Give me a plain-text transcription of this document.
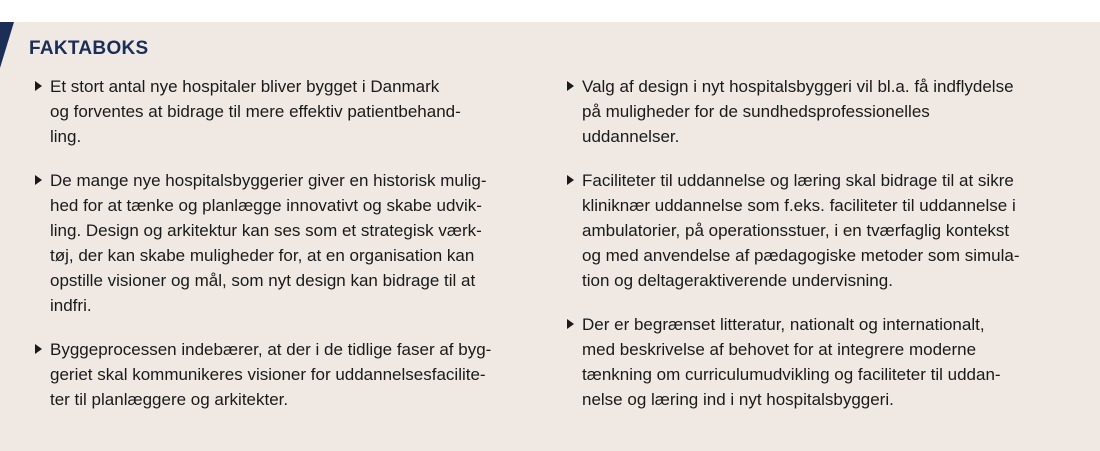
FAKTABOKS
Et stort antal nye hospitaler bliver bygget i Danmark
og forventes at bidrage til mere effektiv patientbehand-
ling.
De mange nye hospitalsbyggerier giver en historisk mulig-
hed for at tænke og planlægge innovativt og skabe udvik-
ling. Design og arkitektur kan ses som et strategisk værk-
tøj, der kan skabe muligheder for, at en organisation kan
opstille visioner og mål, som nyt design kan bidrage til at
indfri.
Byggeprocessen indebærer, at der i de tidlige faser af byg-
geriet skal kommunikeres visioner for uddannelsesfacilite-
ter til planlæggere og arkitekter.
Valg af design i nyt hospitalsbyggeri vil bl.a. få indflydelse
på muligheder for de sundhedsprofessionelles
uddannelser.
Faciliteter til uddannelse og læring skal bidrage til at sikre
kliniknær uddannelse som f.eks. faciliteter til uddannelse i
ambulatorier, på operationsstuer, i en tværfaglig kontekst
og med anvendelse af pædagogiske metoder som simula-
tion og deltageraktiverende undervisning.
Der er begrænset litteratur, nationalt og internationalt,
med beskrivelse af behovet for at integrere moderne
tænkning om curriculumudvikling og faciliteter til uddan-
nelse og læring ind i nyt hospitalsbyggeri.
